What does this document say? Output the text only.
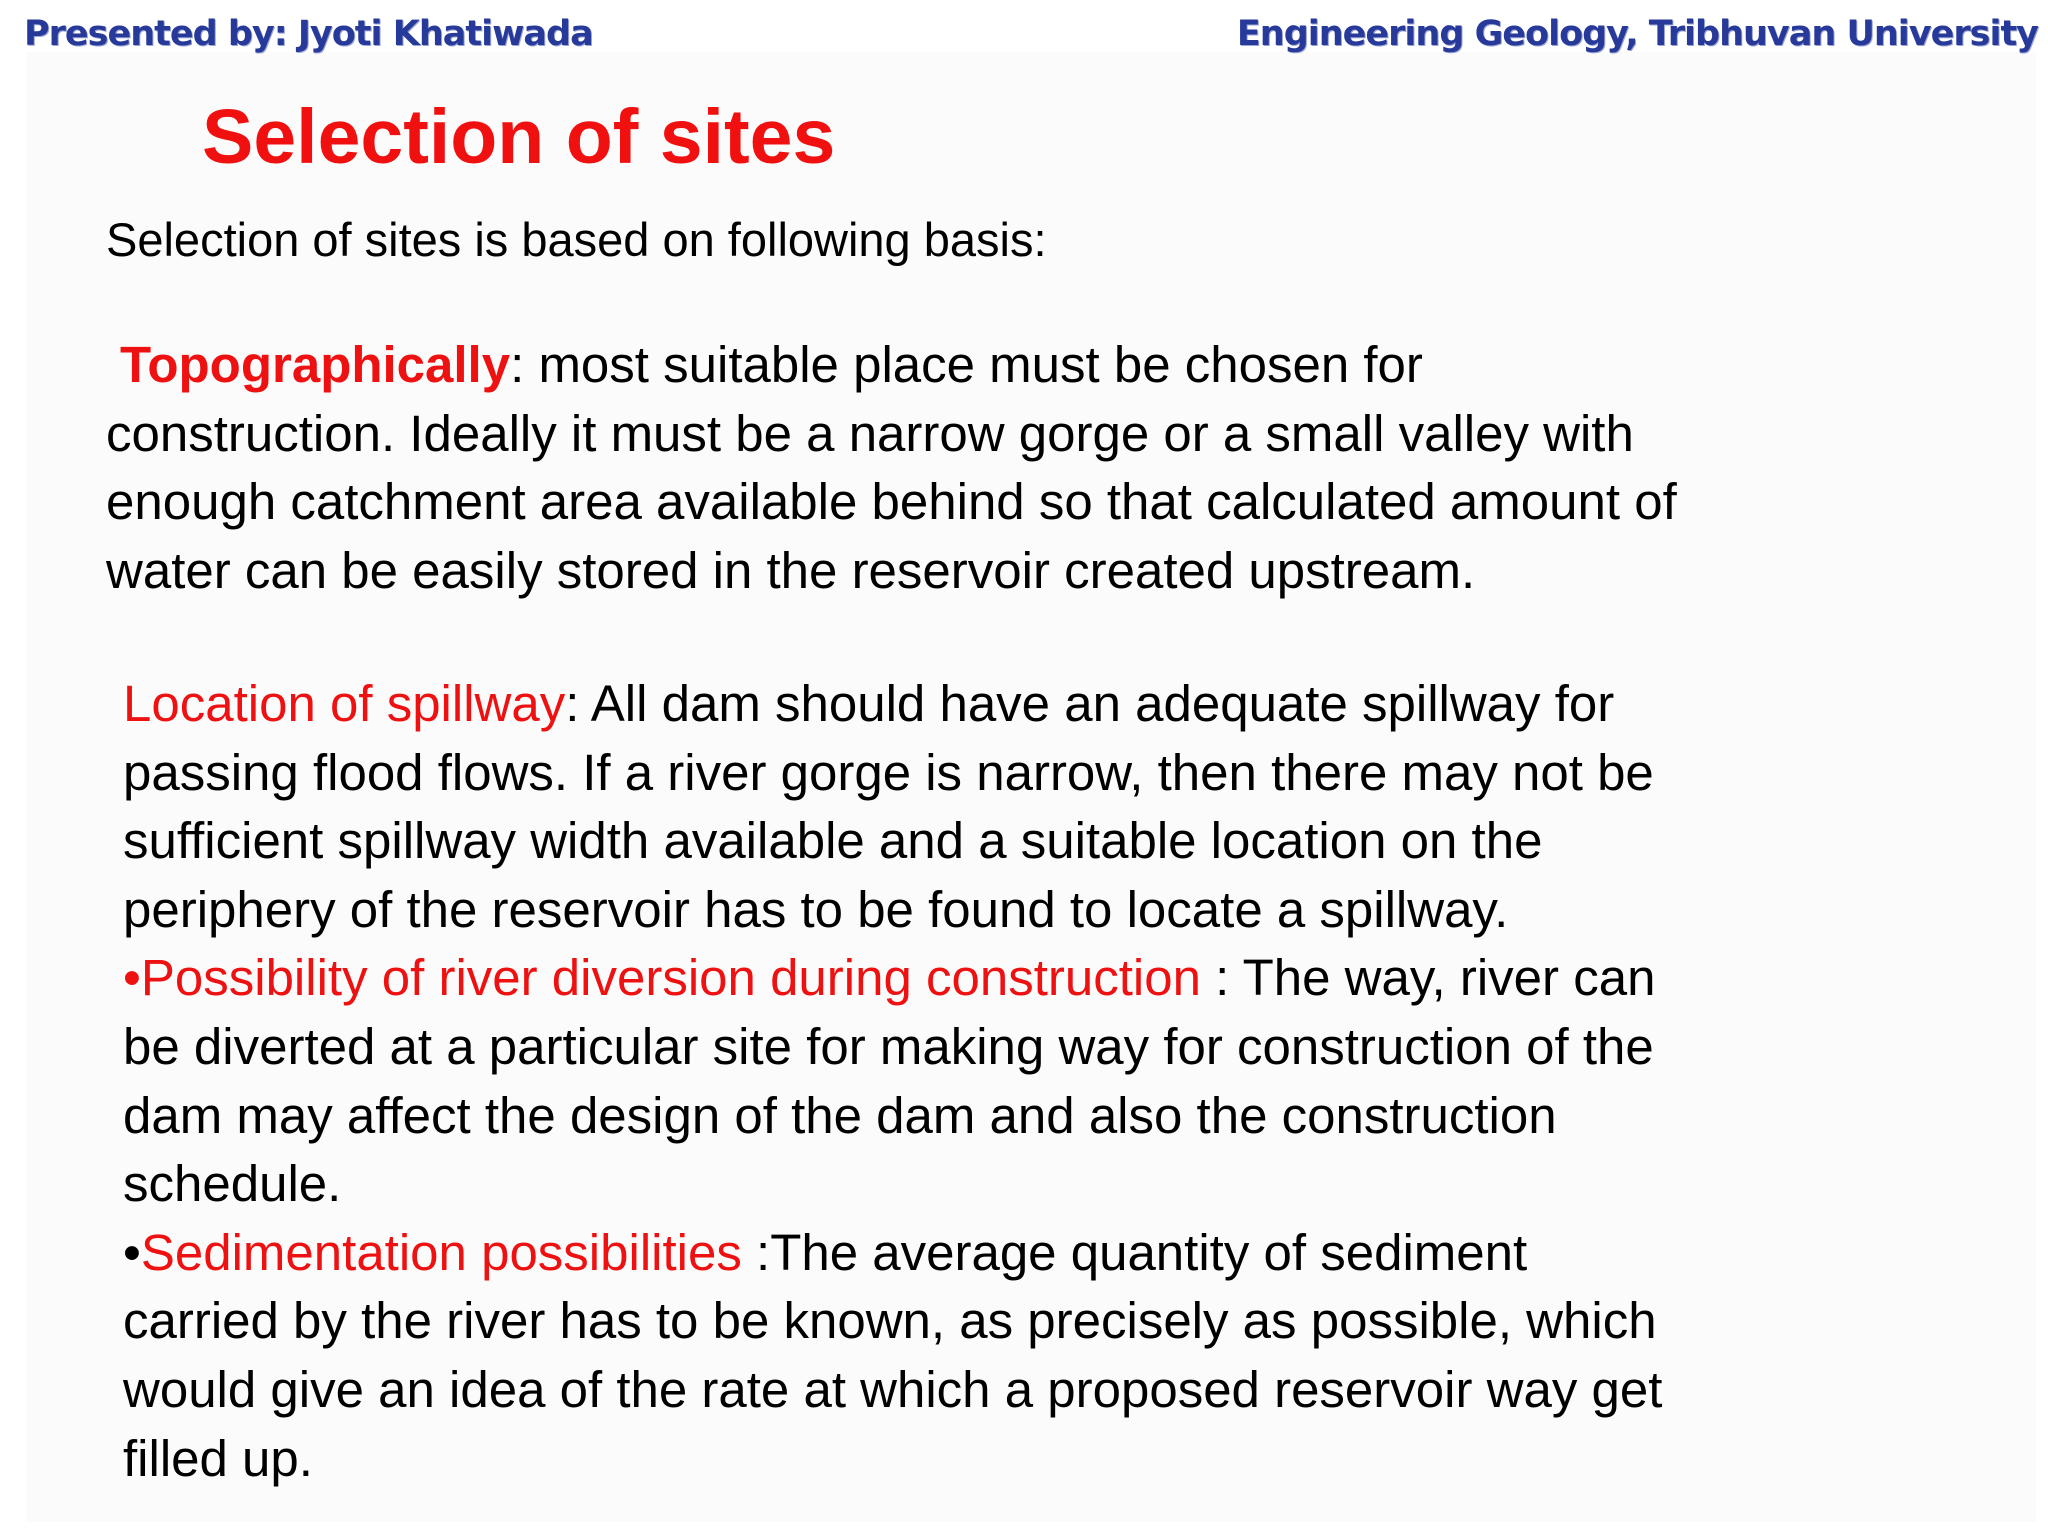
Presented by: Jyoti Khatiwada	Engineering Geology, Tribhuvan University
Selection of sites

Selection of sites is based on following basis:

Topographically: most suitable place must be chosen for
construction. Ideally it must be a narrow gorge or a small valley with
enough catchment area available behind so that calculated amount of
water can be easily stored in the reservoir created upstream.
Location of spillway: All dam should have an adequate spillway for
passing flood flows. If a river gorge is narrow, then there may not be
sufficient spillway width available and a suitable location on the
periphery of the reservoir has to be found to locate a spillway.
•Possibility of river diversion during construction : The way, river can
be diverted at a particular site for making way for construction of the
dam may affect the design of the dam and also the construction
schedule.
•Sedimentation possibilities :The average quantity of sediment
carried by the river has to be known, as precisely as possible, which
would give an idea of the rate at which a proposed reservoir way get
filled up.
